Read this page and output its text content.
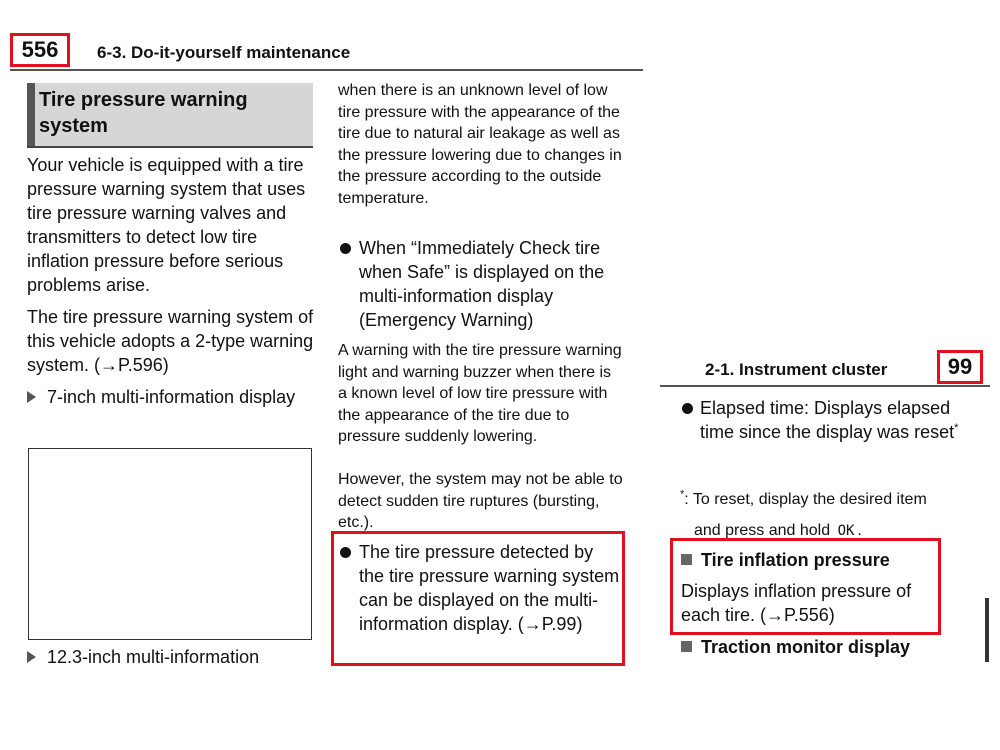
556	6-3. Do-it-yourself maintenance
Tire pressure warning system
Your vehicle is equipped with a tire pressure warning system that uses tire pressure warning valves and transmitters to detect low tire inflation pressure before serious problems arise.
The tire pressure warning system of this vehicle adopts a 2-type warning system. (→P.596)
7-inch multi-information display
12.3-inch multi-information
when there is an unknown level of low tire pressure with the appearance of the tire due to natural air leakage as well as the pressure lowering due to changes in the pressure according to the outside temperature.
When “Immediately Check tire when Safe” is displayed on the multi-information display (Emergency Warning)
A warning with the tire pressure warning light and warning buzzer when there is a known level of low tire pressure with the appearance of the tire due to pressure suddenly lowering.
However, the system may not be able to detect sudden tire ruptures (bursting, etc.).
The tire pressure detected by the tire pressure warning system can be displayed on the multi-information display. (→P.99)
2-1. Instrument cluster	99
Elapsed time: Displays elapsed time since the display was reset*
*: To reset, display the desired item
and press and hold OK .
Tire inflation pressure
Displays inflation pressure of each tire. (→P.556)
Traction monitor display
